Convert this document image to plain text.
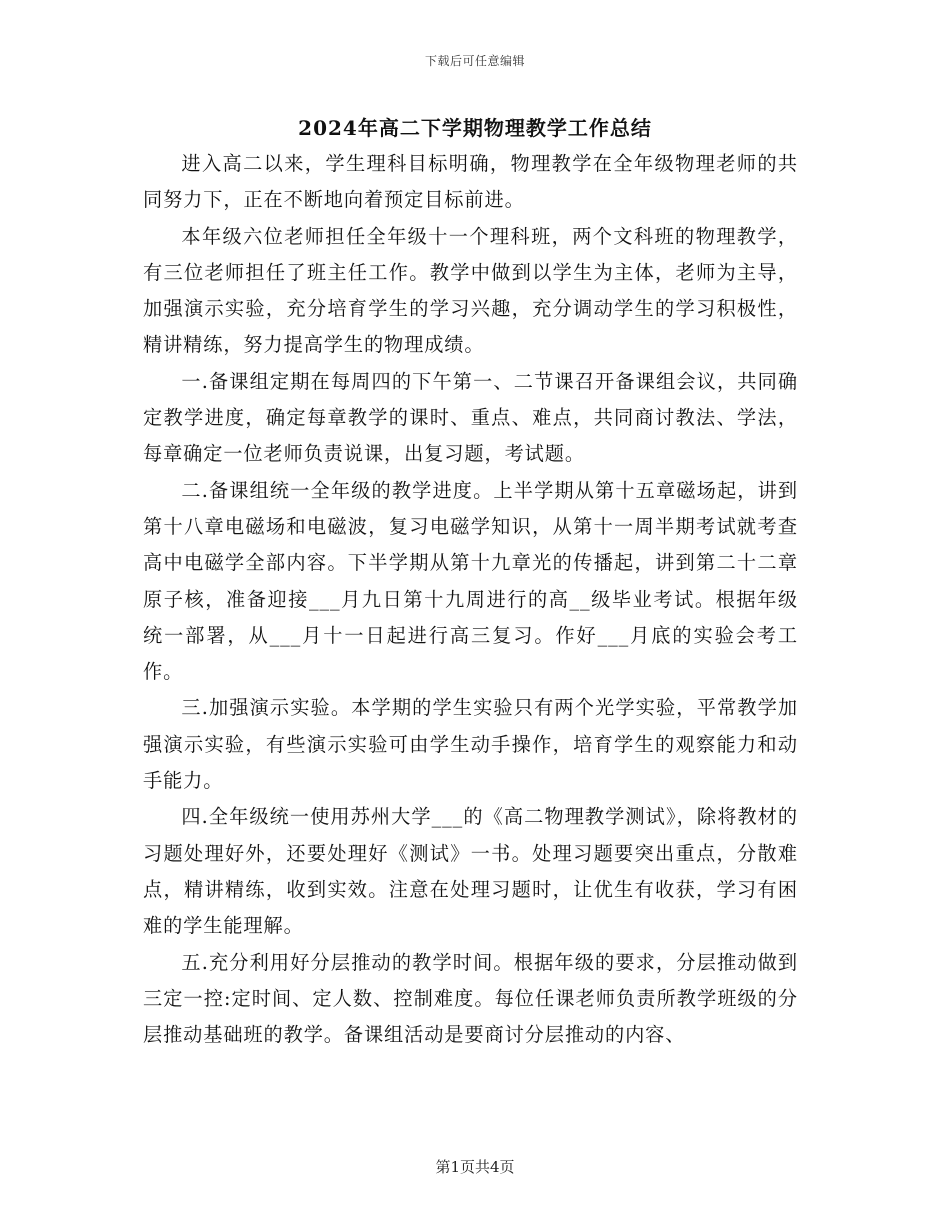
下载后可任意编辑
2024年高二下学期物理教学工作总结

进入高二以来，学生理科目标明确，物理教学在全年级物理老师的共同努力下，正在不断地向着预定目标前进。

本年级六位老师担任全年级十一个理科班，两个文科班的物理教学，有三位老师担任了班主任工作。教学中做到以学生为主体，老师为主导，加强演示实验，充分培育学生的学习兴趣，充分调动学生的学习积极性，精讲精练，努力提高学生的物理成绩。

一.备课组定期在每周四的下午第一、二节课召开备课组会议，共同确定教学进度，确定每章教学的课时、重点、难点，共同商讨教法、学法，每章确定一位老师负责说课，出复习题，考试题。

二.备课组统一全年级的教学进度。上半学期从第十五章磁场起，讲到第十八章电磁场和电磁波，复习电磁学知识，从第十一周半期考试就考查高中电磁学全部内容。下半学期从第十九章光的传播起，讲到第二十二章原子核，准备迎接___月九日第十九周进行的高__级毕业考试。根据年级统一部署，从___月十一日起进行高三复习。作好___月底的实验会考工作。

三.加强演示实验。本学期的学生实验只有两个光学实验，平常教学加强演示实验，有些演示实验可由学生动手操作，培育学生的观察能力和动手能力。

四.全年级统一使用苏州大学___的《高二物理教学测试》，除将教材的习题处理好外，还要处理好《测试》一书。处理习题要突出重点，分散难点，精讲精练，收到实效。注意在处理习题时，让优生有收获，学习有困难的学生能理解。

五.充分利用好分层推动的教学时间。根据年级的要求，分层推动做到三定一控:定时间、定人数、控制难度。每位任课老师负责所教学班级的分层推动基础班的教学。备课组活动是要商讨分层推动的内容、

第1页共4页
